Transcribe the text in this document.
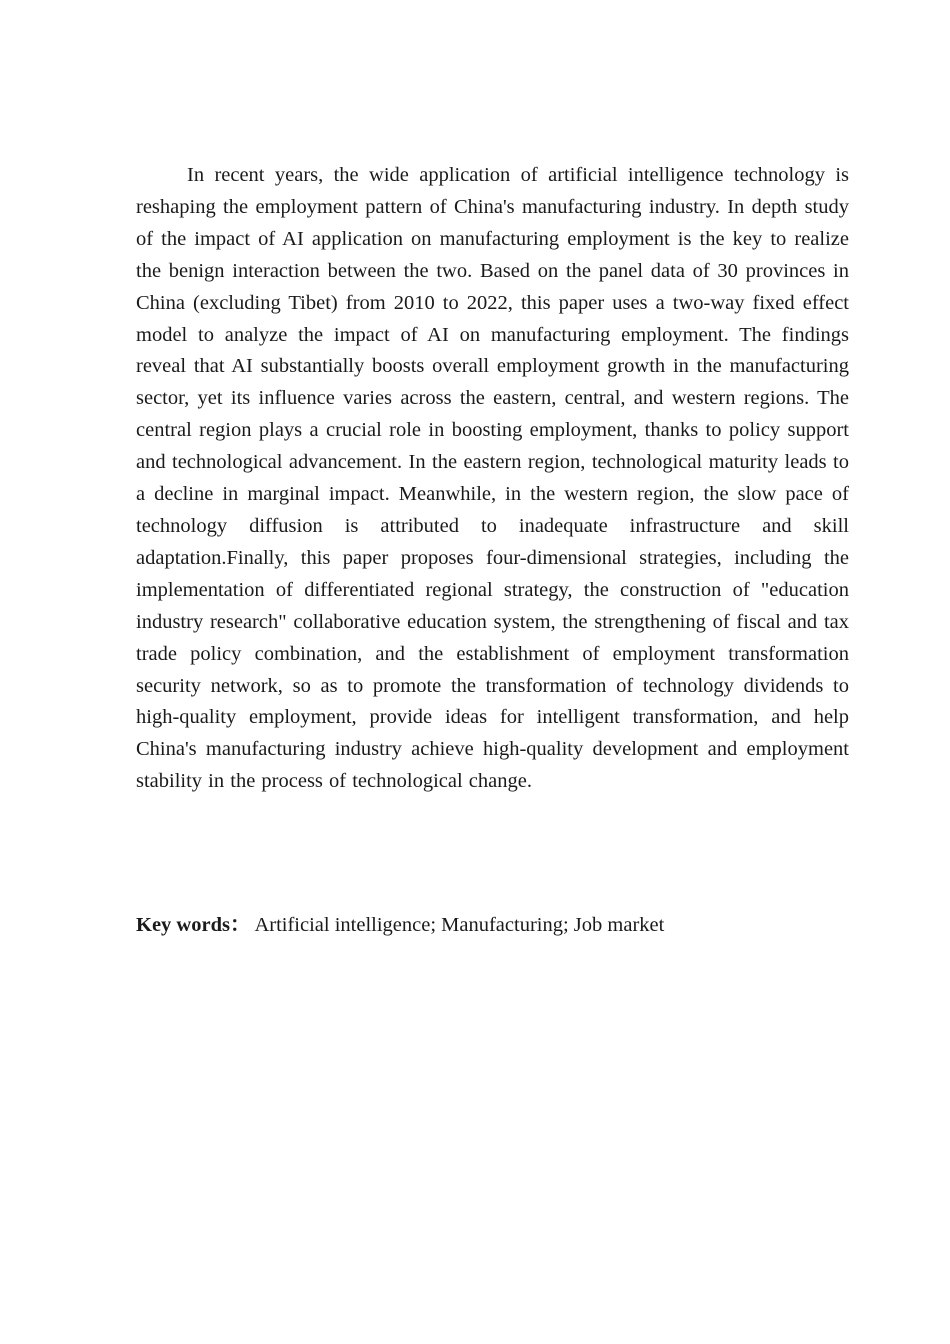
In recent years, the wide application of artificial intelligence technology is reshaping the employment pattern of China's manufacturing industry. In depth study of the impact of AI application on manufacturing employment is the key to realize the benign interaction between the two. Based on the panel data of 30 provinces in China (excluding Tibet) from 2010 to 2022, this paper uses a two-way fixed effect model to analyze the impact of AI on manufacturing employment. The findings reveal that AI substantially boosts overall employment growth in the manufacturing sector, yet its influence varies across the eastern, central, and western regions. The central region plays a crucial role in boosting employment, thanks to policy support and technological advancement. In the eastern region, technological maturity leads to a decline in marginal impact. Meanwhile, in the western region, the slow pace of technology diffusion is attributed to inadequate infrastructure and skill adaptation.Finally, this paper proposes four-dimensional strategies, including the implementation of differentiated regional strategy, the construction of "education industry research" collaborative education system, the strengthening of fiscal and tax trade policy combination, and the establishment of employment transformation security network, so as to promote the transformation of technology dividends to high-quality employment, provide ideas for intelligent transformation, and help China's manufacturing industry achieve high-quality development and employment stability in the process of technological change.

Key words： Artificial intelligence; Manufacturing; Job market
